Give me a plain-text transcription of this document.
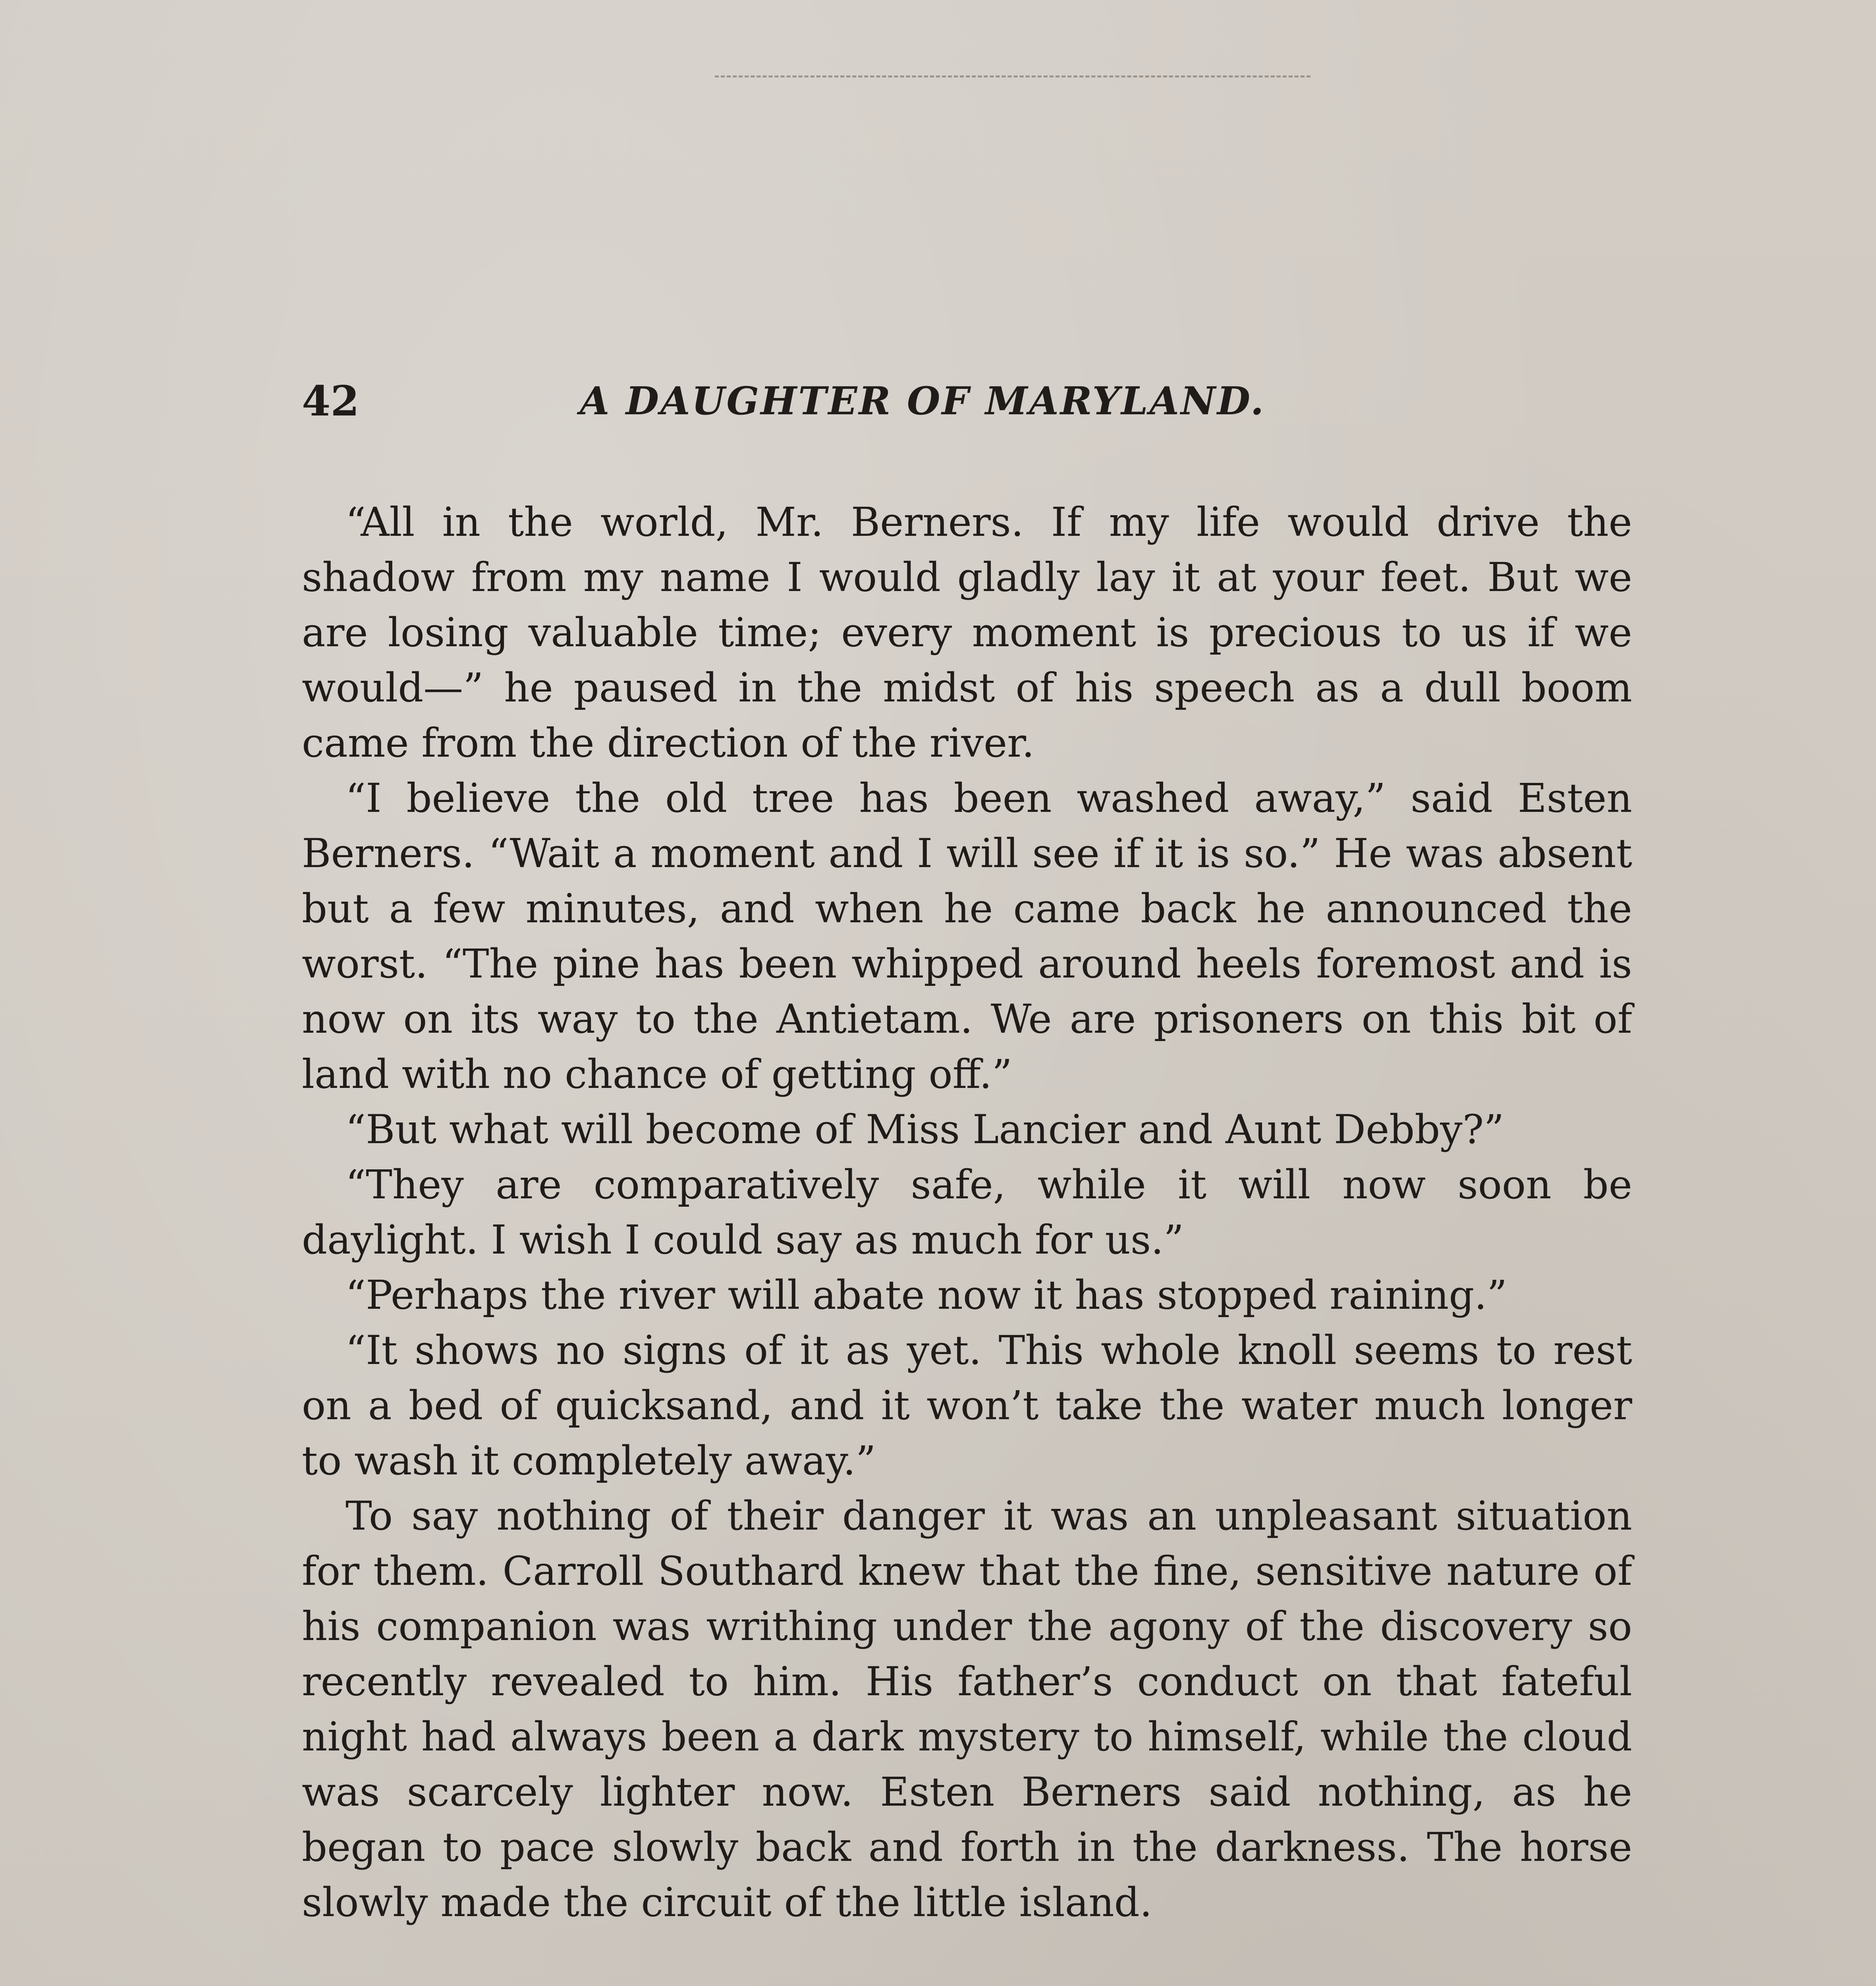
42	A DAUGHTER OF MARYLAND.

“All in the world, Mr. Berners. If my life would drive the shadow from my name I would gladly lay it at your feet. But we are losing valuable time; every moment is precious to us if we would—” he paused in the midst of his speech as a dull boom came from the direction of the river.

“I believe the old tree has been washed away,” said Esten Berners. “Wait a moment and I will see if it is so.” He was absent but a few minutes, and when he came back he announced the worst. “The pine has been whipped around heels foremost and is now on its way to the Antietam. We are prisoners on this bit of land with no chance of getting off.”

“But what will become of Miss Lancier and Aunt Debby?”

“They are comparatively safe, while it will now soon be daylight. I wish I could say as much for us.”

“Perhaps the river will abate now it has stopped raining.”

“It shows no signs of it as yet. This whole knoll seems to rest on a bed of quicksand, and it won’t take the water much longer to wash it completely away.”

To say nothing of their danger it was an unpleasant situation for them. Carroll Southard knew that the fine, sensitive nature of his companion was writhing under the agony of the discovery so recently revealed to him. His father’s conduct on that fateful night had always been a dark mystery to himself, while the cloud was scarcely lighter now. Esten Berners said nothing, as he began to pace slowly back and forth in the darkness. The horse slowly made the circuit of the little island.
